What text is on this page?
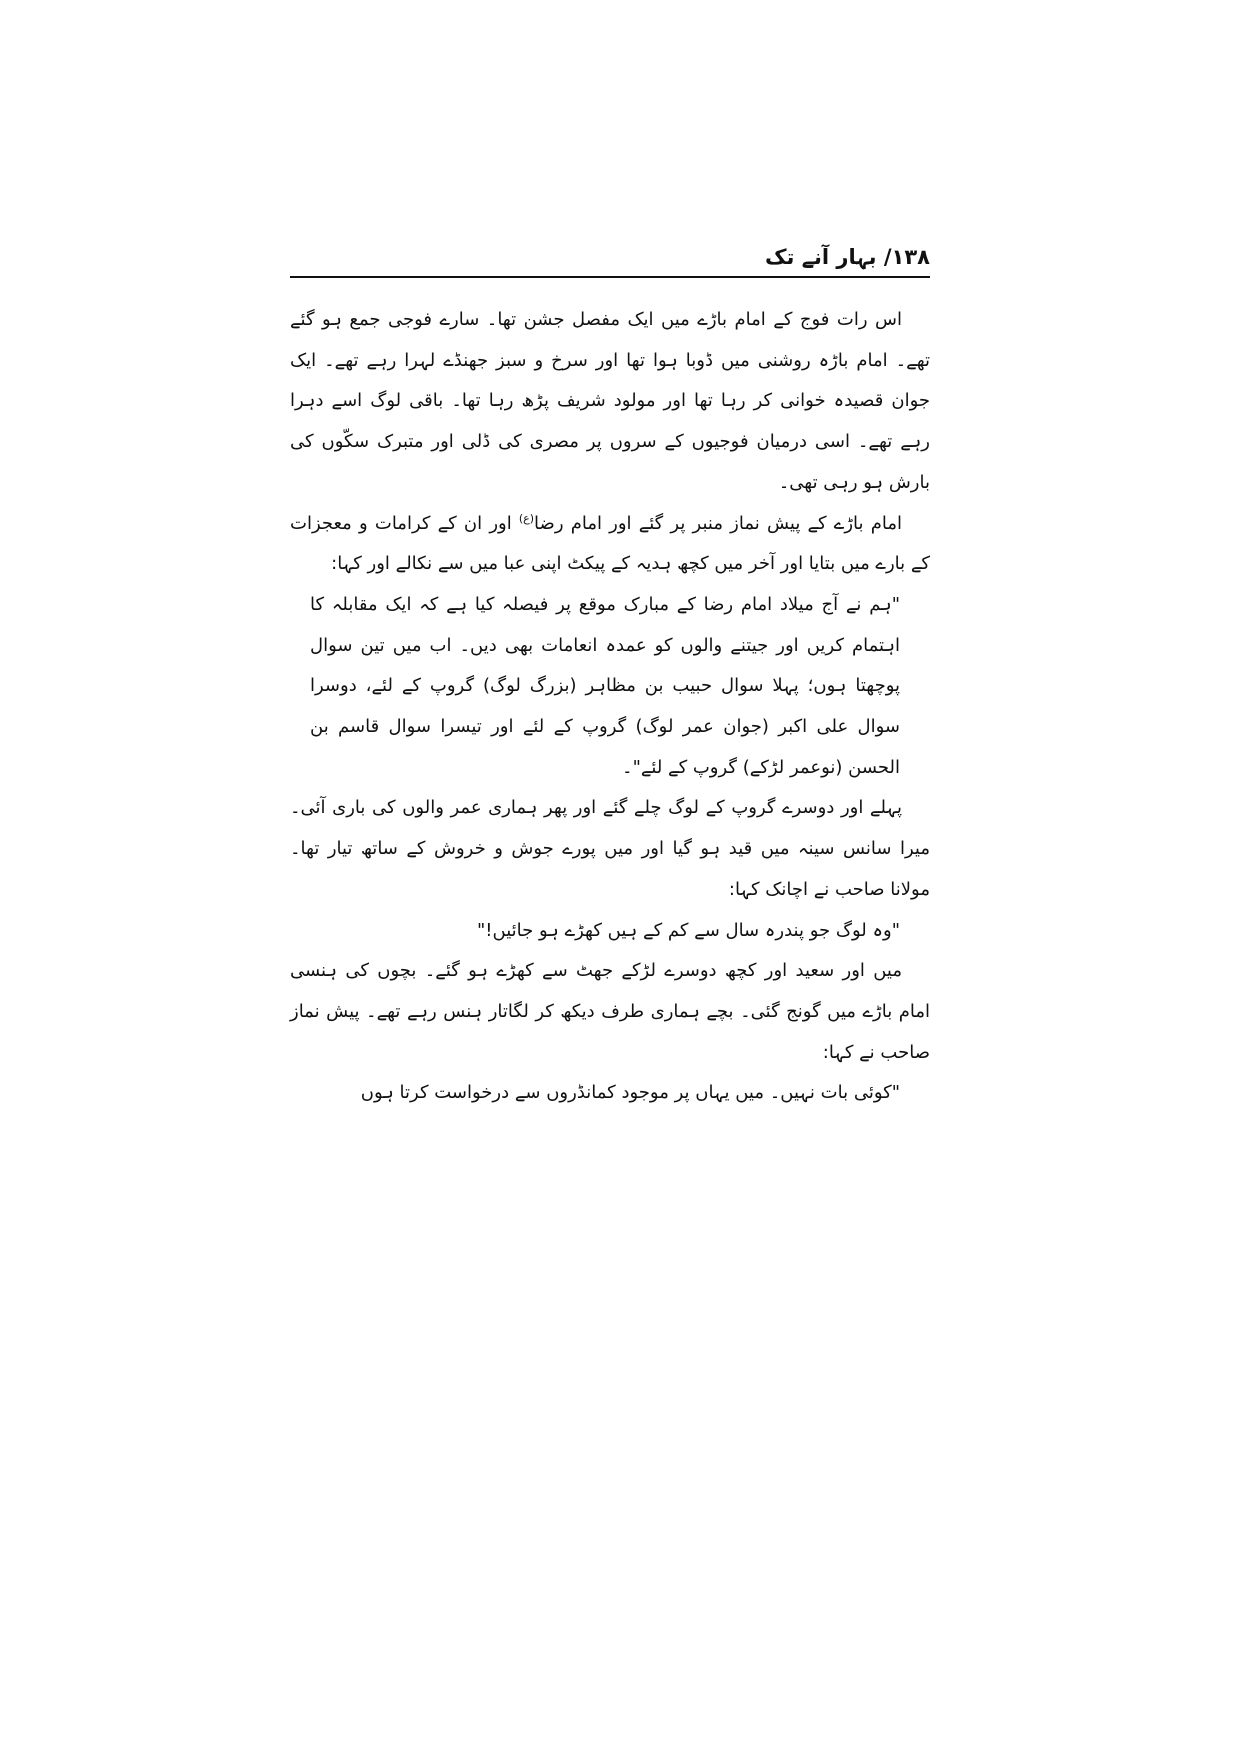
۱۳۸/ بہار آنے تک

اس رات فوج کے امام باڑے میں ایک مفصل جشن تھا۔ سارے فوجی جمع ہو گئے تھے۔ امام باڑہ روشنی میں ڈوبا ہوا تھا اور سرخ و سبز جھنڈے لہرا رہے تھے۔ ایک جوان قصیدہ خوانی کر رہا تھا اور مولود شریف پڑھ رہا تھا۔ باقی لوگ اسے دہرا رہے تھے۔ اسی درمیان فوجیوں کے سروں پر مصری کی ڈلی اور متبرک سکّوں کی بارش ہو رہی تھی۔

امام باڑے کے پیش نماز منبر پر گئے اور امام رضا$^{(ع)}$ اور ان کے کرامات و معجزات کے بارے میں بتایا اور آخر میں کچھ ہدیہ کے پیکٹ اپنی عبا میں سے نکالے اور کہا:

"ہم نے آج میلاد امام رضا کے مبارک موقع پر فیصلہ کیا ہے کہ ایک مقابلہ کا اہتمام کریں اور جیتنے والوں کو عمدہ انعامات بھی دیں۔ اب میں تین سوال پوچھتا ہوں؛ پہلا سوال حبیب بن مظاہر (بزرگ لوگ) گروپ کے لئے، دوسرا سوال علی اکبر (جوان عمر لوگ) گروپ کے لئے اور تیسرا سوال قاسم بن الحسن (نوعمر لڑکے) گروپ کے لئے"۔

پہلے اور دوسرے گروپ کے لوگ چلے گئے اور پھر ہماری عمر والوں کی باری آئی۔ میرا سانس سینہ میں قید ہو گیا اور میں پورے جوش و خروش کے ساتھ تیار تھا۔ مولانا صاحب نے اچانک کہا:

"وہ لوگ جو پندرہ سال سے کم کے ہیں کھڑے ہو جائیں!"

میں اور سعید اور کچھ دوسرے لڑکے جھٹ سے کھڑے ہو گئے۔ بچوں کی ہنسی امام باڑے میں گونج گئی۔ بچے ہماری طرف دیکھ کر لگاتار ہنس رہے تھے۔ پیش نماز صاحب نے کہا:

"کوئی بات نہیں۔ میں یہاں پر موجود کمانڈروں سے درخواست کرتا ہوں
